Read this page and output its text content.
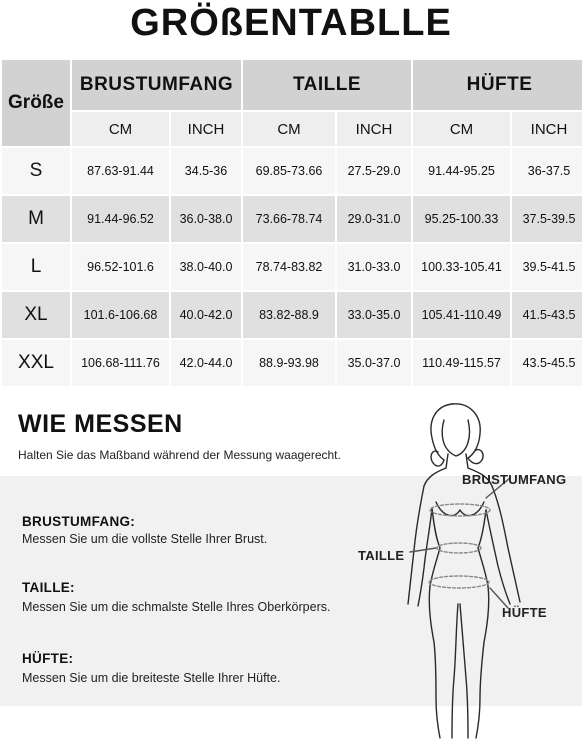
GRÖßENTABLLE
Größe	BRUSTUMFANG		TAILLE		HÜFTE	
	CM	INCH	CM	INCH	CM	INCH
S	87.63-91.44	34.5-36	69.85-73.66	27.5-29.0	91.44-95.25	36-37.5
M	91.44-96.52	36.0-38.0	73.66-78.74	29.0-31.0	95.25-100.33	37.5-39.5
L	96.52-101.6	38.0-40.0	78.74-83.82	31.0-33.0	100.33-105.41	39.5-41.5
XL	101.6-106.68	40.0-42.0	83.82-88.9	33.0-35.0	105.41-110.49	41.5-43.5
XXL	106.68-111.76	42.0-44.0	88.9-93.98	35.0-37.0	110.49-115.57	43.5-45.5
WIE MESSEN
Halten Sie das Maßband während der Messung waagerecht.
BRUSTUMFANG:
Messen Sie um die vollste Stelle Ihrer Brust.
TAILLE:
Messen Sie um die schmalste Stelle Ihres Oberkörpers.
HÜFTE:
Messen Sie um die breiteste Stelle Ihrer Hüfte.
BRUSTUMFANG
TAILLE
HÜFTE
